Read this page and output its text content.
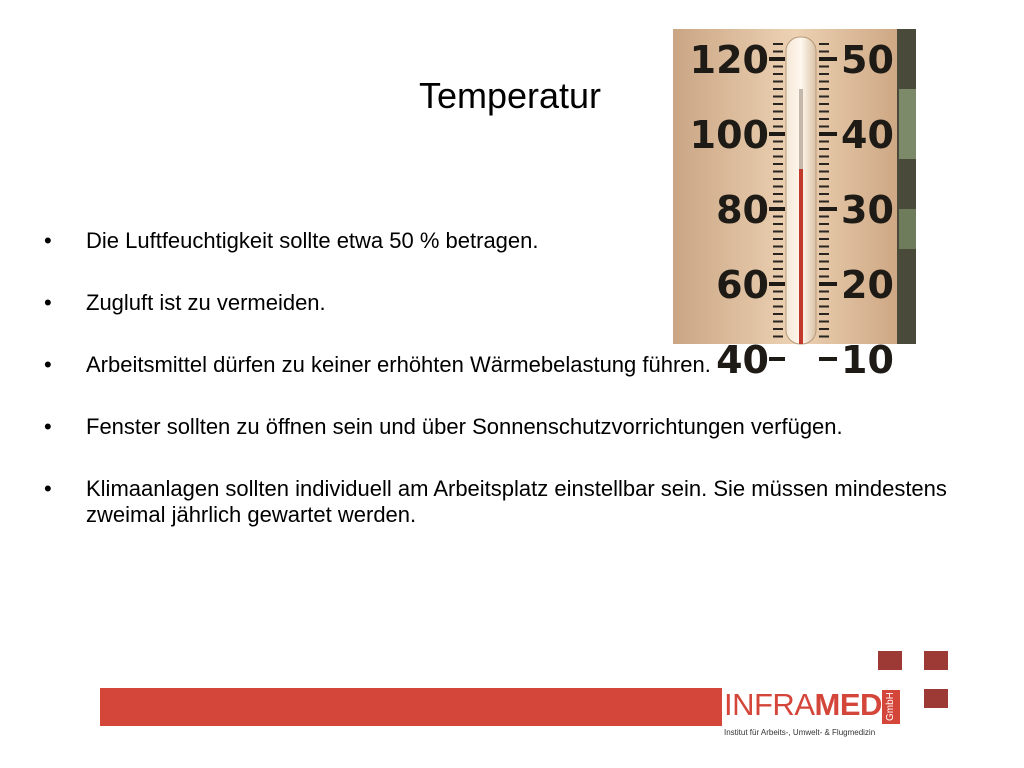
Temperatur
120
100
80
60
40
50
40
30
20
10
• Die Luftfeuchtigkeit sollte etwa 50 % betragen.
• Zugluft ist zu vermeiden.
• Arbeitsmittel dürfen zu keiner erhöhten Wärmebelastung führen.
• Fenster sollten zu öffnen sein und über Sonnenschutzvorrichtungen verfügen.
• Klimaanlagen sollten individuell am Arbeitsplatz einstellbar sein. Sie müssen mindestens zweimal jährlich gewartet werden.
INFRAMED GmbH
Institut für Arbeits-, Umwelt- & Flugmedizin
